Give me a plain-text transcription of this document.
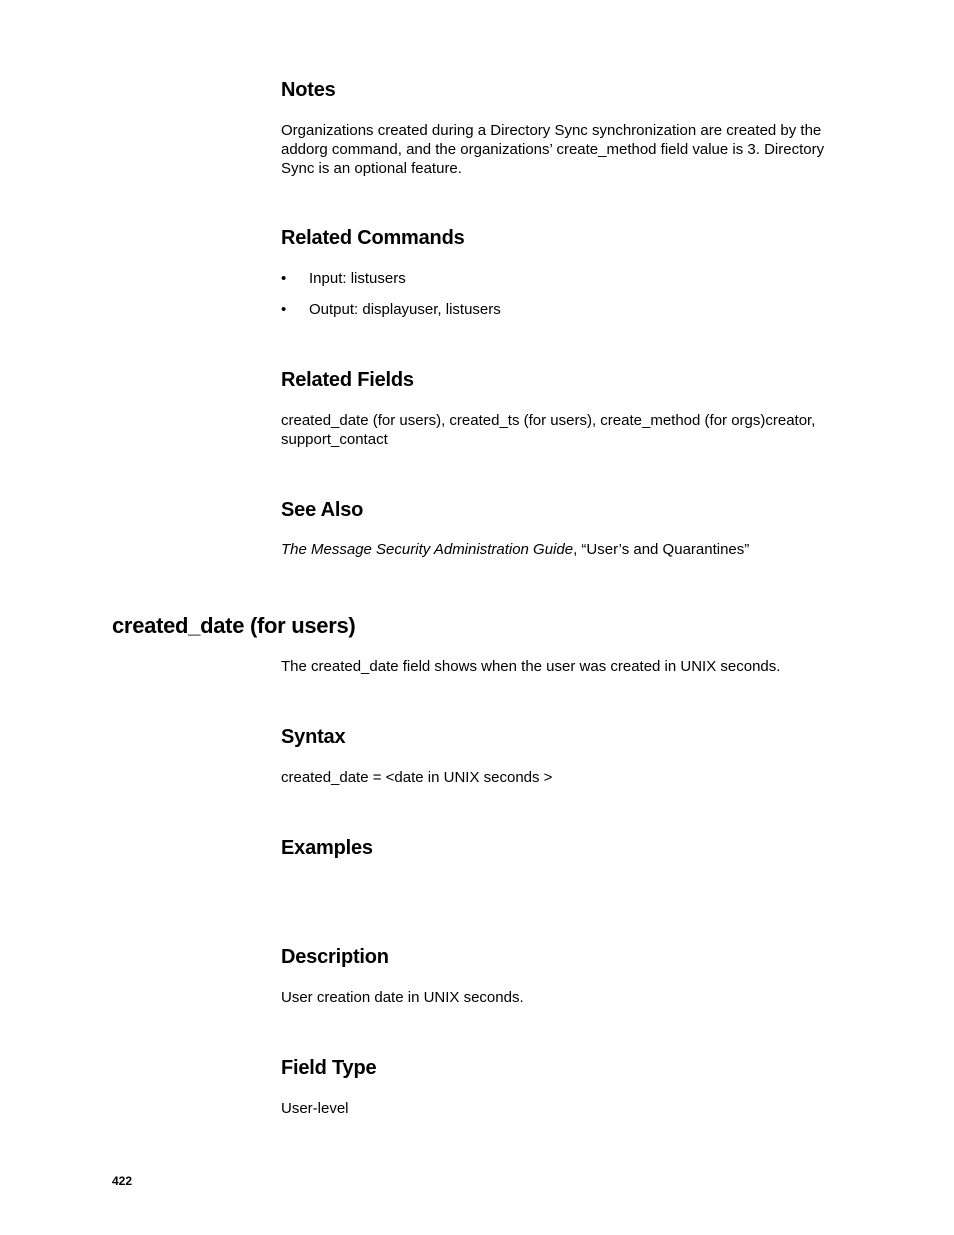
Notes

Organizations created during a Directory Sync synchronization are created by the addorg command, and the organizations’ create_method field value is 3. Directory Sync is an optional feature.

Related Commands
• Input: listusers
• Output: displayuser, listusers
Related Fields

created_date (for users), created_ts (for users), create_method (for orgs)creator, support_contact

See Also

The Message Security Administration Guide, “User’s and Quarantines”

created_date (for users)

The created_date field shows when the user was created in UNIX seconds.

Syntax

created_date = <date in UNIX seconds >

Examples
Description

User creation date in UNIX seconds.

Field Type

User-level

422
